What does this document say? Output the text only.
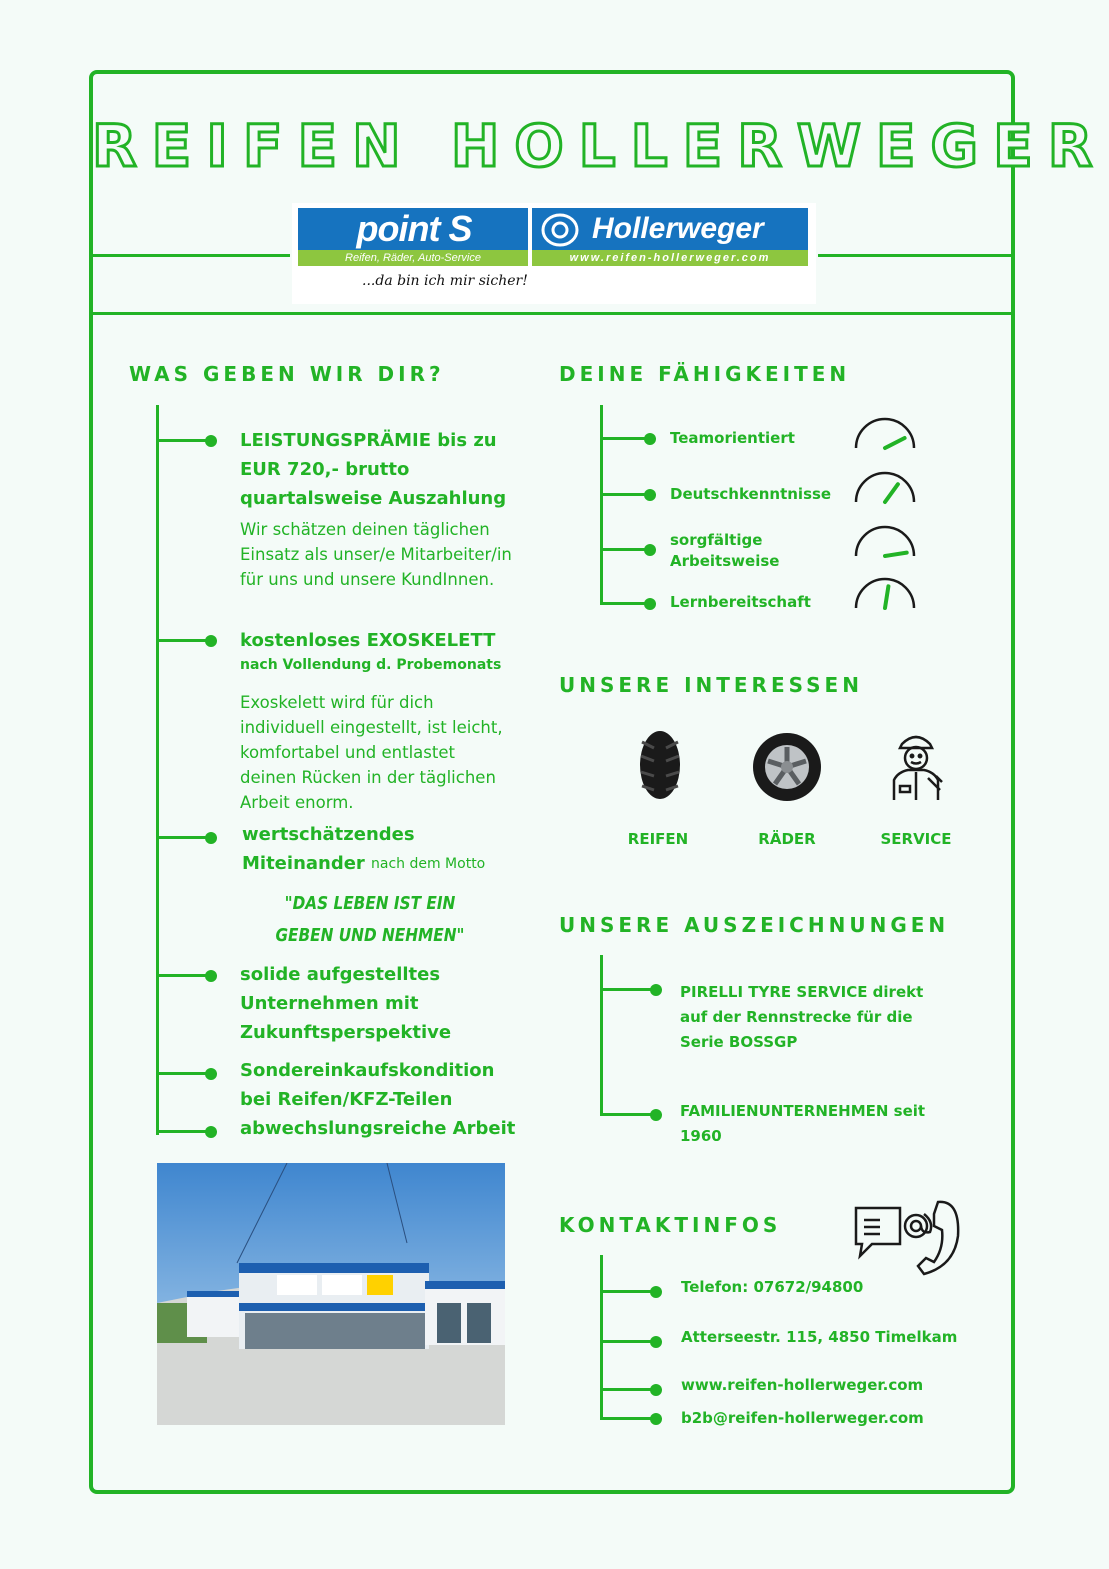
REIFEN HOLLERWEGER
point S
Reifen, Räder, Auto-Service
Hollerweger
www.reifen-hollerweger.com
...da bin ich mir sicher!
WAS GEBEN WIR DIR?
LEISTUNGSPRÄMIE bis zu EUR 720,- brutto quartalsweise Auszahlung
Wir schätzen deinen täglichen Einsatz als unser/e Mitarbeiter/in für uns und unsere KundInnen.
kostenloses EXOSKELETT
nach Vollendung d. Probemonats
Exoskelett wird für dich individuell eingestellt, ist leicht, komfortabel und entlastet deinen Rücken in der täglichen Arbeit enorm.
wertschätzendes Miteinander nach dem Motto
"DAS LEBEN IST EIN GEBEN UND NEHMEN"
solide aufgestelltes Unternehmen mit Zukunftsperspektive
Sondereinkaufskondition bei Reifen/KFZ-Teilen
abwechslungsreiche Arbeit
DEINE FÄHIGKEITEN
Teamorientiert
Deutschkenntnisse
sorgfältige Arbeitsweise
Lernbereitschaft
UNSERE INTERESSEN
REIFEN	RÄDER	SERVICE
UNSERE AUSZEICHNUNGEN
PIRELLI TYRE SERVICE direkt auf der Rennstrecke für die Serie BOSSGP
FAMILIENUNTERNEHMEN seit 1960
KONTAKTINFOS
Telefon: 07672/94800
Atterseestr. 115, 4850 Timelkam
www.reifen-hollerweger.com
b2b@reifen-hollerweger.com
